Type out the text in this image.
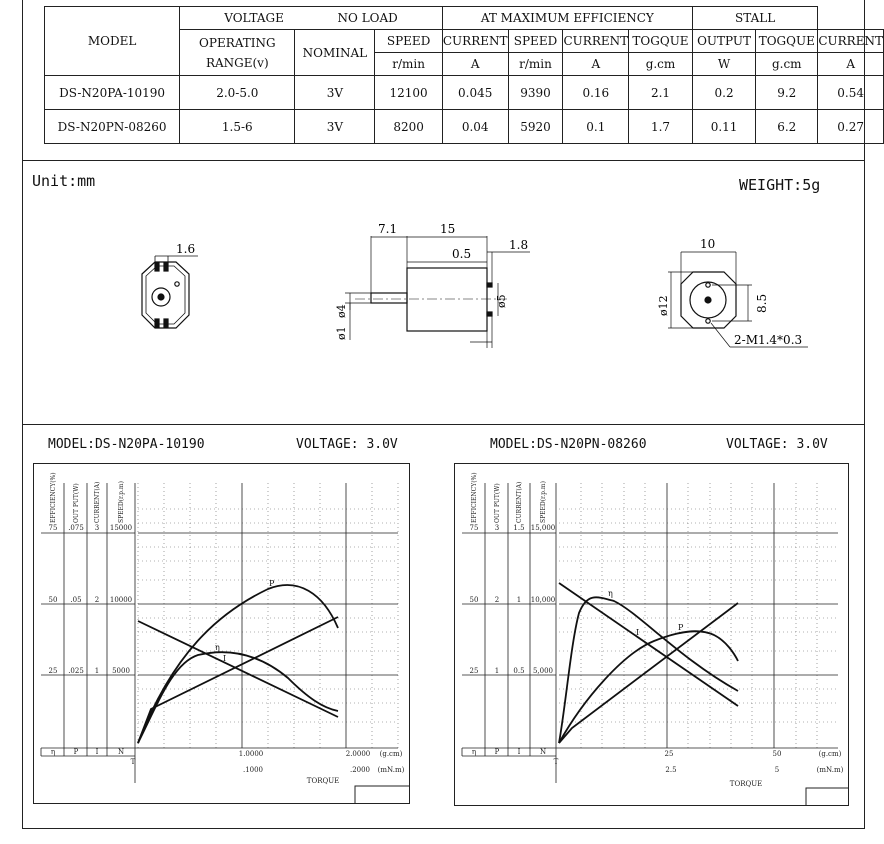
MODEL	VOLTAGE NO LOAD			AT MAXIMUM EFFICIENCY				STALL		
	OPERATING
RANGE(v)	NOMINAL	SPEED	CURRENT	SPEED	CURRENT	TOGQUE	OUTPUT	TOGQUE	CURRENT
			r/min	A	r/min	A	g.cm	W	g.cm	A
DS-N20PA-10190	2.0-5.0	3V	12100	0.045	9390	0.16	2.1	0.2	9.2	0.54
DS-N20PN-08260	1.5-6	3V	8200	0.04	5920	0.1	1.7	0.11	6.2	0.27
Unit:mm	WEIGHT:5g
1.6
7.1	15
0.5
1.8
ø4
ø1
ø5
10
ø12	8.5
2-M1.4*0.3
MODEL:DS-N20PA-10190	VOLTAGE: 3.0V	MODEL:DS-N20PN-08260	VOLTAGE: 3.0V
EFFICIENCY(%)	OUT PUT(W) CURRENT(A)	SPEED(r.p.m)
75 .075 3 15000
50 .05 2 10000
25 .025 1 5000
η	P I	N
T
1.0000	2.0000 (g.cm)
.1000	.2000 (mN.m)
TORQUE
P
η
I
EFFICIENCY(%)	OUT PUT(W)	CURRENT(A)	SPEED(r.p.m)
75 3 1.5 15,000
50 2	1 10,000
25 1 0.5 5,000
η	P	I	N
T
25	50	(g.cm)
2.5	5	(mN.m)
TORQUE
P
η
I
